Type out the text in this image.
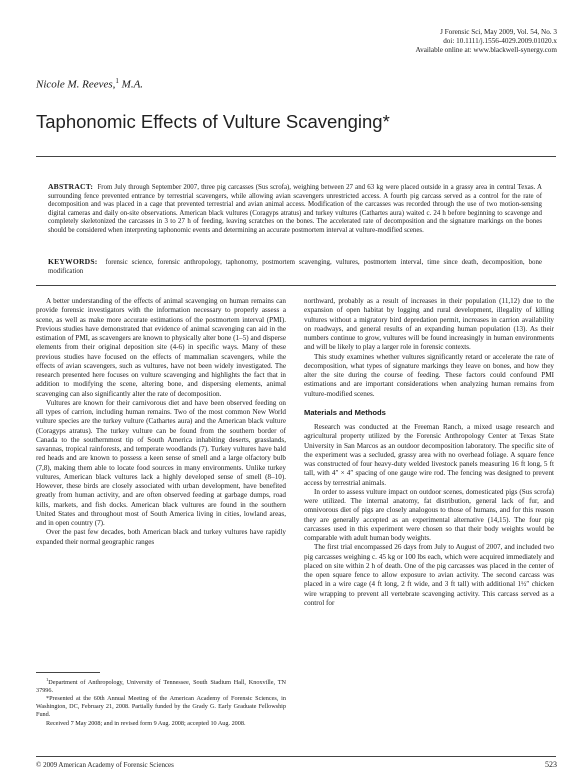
J Forensic Sci, May 2009, Vol. 54, No. 3
doi: 10.1111/j.1556-4029.2009.01020.x
Available online at: www.blackwell-synergy.com
Nicole M. Reeves,$^1$ M.A.
Taphonomic Effects of Vulture Scavenging*
ABSTRACT: From July through September 2007, three pig carcasses (Sus scrofa), weighing between 27 and 63 kg were placed outside in a grassy area in central Texas. A surrounding fence prevented entrance by terrestrial scavengers, while allowing avian scavengers unrestricted access. A fourth pig carcass served as a control for the rate of decomposition and was placed in a cage that prevented terrestrial and avian animal access. Modification of the carcasses was recorded through the use of two motion-sensing digital cameras and daily on-site observations. American black vultures (Coragyps atratus) and turkey vultures (Cathartes aura) waited c. 24 h before beginning to scavenge and completely skeletonized the carcasses in 3 to 27 h of feeding, leaving scratches on the bones. The accelerated rate of decomposition and the signature markings on the bones should be considered when interpreting taphonomic events and determining an accurate postmortem interval at vulture-modified scenes.
KEYWORDS: forensic science, forensic anthropology, taphonomy, postmortem scavenging, vultures, postmortem interval, time since death, decomposition, bone modification

A better understanding of the effects of animal scavenging on human remains can provide forensic investigators with the information necessary to properly assess a scene, as well as make more accurate estimations of the postmortem interval (PMI). Previous studies have demonstrated that evidence of animal scavenging can aid in the estimation of PMI, as scavengers are known to physically alter bone (1–5) and disperse elements from their original deposition site (4-6) in specific ways. Many of these previous studies have focused on the effects of mammalian scavengers, while the effects of avian scavengers, such as vultures, have not been widely investigated. The research presented here focuses on vulture scavenging and highlights the fact that in addition to modifying the scene, altering bone, and dispersing elements, animal scavenging can also significantly alter the rate of decomposition.

Vultures are known for their carnivorous diet and have been observed feeding on all types of carrion, including human remains. Two of the most common New World vulture species are the turkey vulture (Cathartes aura) and the American black vulture (Coragyps atratus). The turkey vulture can be found from the southern border of Canada to the southernmost tip of South America inhabiting deserts, grasslands, savannas, tropical rainforests, and temperate woodlands (7). Turkey vultures have bald red heads and are known to possess a keen sense of smell and a large olfactory bulb (7,8), making them able to locate food sources in many environments. Unlike turkey vultures, American black vultures lack a highly developed sense of smell (8–10). However, these birds are closely associated with urban development, have benefited greatly from human activity, and are often observed feeding at garbage dumps, road kills, markets, and fish docks. American black vultures are found in the southern United States and throughout most of South America living in cities, lowland areas, and in open country (7).

Over the past few decades, both American black and turkey vultures have rapidly expanded their normal geographic ranges

$^1$Department of Anthropology, University of Tennessee, South Stadium Hall, Knoxville, TN 37996.

*Presented at the 60th Annual Meeting of the American Academy of Forensic Sciences, in Washington, DC, February 21, 2008. Partially funded by the Grady G. Early Graduate Fellowship Fund.

Received 7 May 2008; and in revised form 9 Aug. 2008; accepted 10 Aug. 2008.

northward, probably as a result of increases in their population (11,12) due to the expansion of open habitat by logging and rural development, illegality of killing vultures without a migratory bird depredation permit, increases in carrion availability on roadways, and general results of an expanding human population (13). As their numbers continue to grow, vultures will be found increasingly in human environments and will be likely to play a larger role in forensic contexts.

This study examines whether vultures significantly retard or accelerate the rate of decomposition, what types of signature markings they leave on bones, and how they alter the site during the course of feeding. These factors could confound PMI estimations and are important considerations when analyzing human remains from vulture-modified scenes.

Materials and Methods

Research was conducted at the Freeman Ranch, a mixed usage research and agricultural property utilized by the Forensic Anthropology Center at Texas State University in San Marcos as an outdoor decomposition laboratory. The specific site of the experiment was a secluded, grassy area with no overhead foliage. A square fence was constructed of four heavy-duty welded livestock panels measuring 16 ft long, 5 ft tall, with 4″ × 4″ spacing of one gauge wire rod. The fencing was designed to prevent access by terrestrial animals.

In order to assess vulture impact on outdoor scenes, domesticated pigs (Sus scrofa) were utilized. The internal anatomy, fat distribution, general lack of fur, and omnivorous diet of pigs are closely analogous to those of humans, and for this reason they are generally accepted as an experimental alternative (14,15). The four pig carcasses used in this experiment were chosen so that their body weights would be comparable with adult human body weights.

The first trial encompassed 26 days from July to August of 2007, and included two pig carcasses weighing c. 45 kg or 100 lbs each, which were acquired immediately and placed on site within 2 h of death. One of the pig carcasses was placed in the center of the open square fence to allow exposure to avian activity. The second carcass was placed in a wire cage (4 ft long, 2 ft wide, and 3 ft tall) with additional 1½″ chicken wire wrapping to prevent all vertebrate scavenging activity. This carcass served as a control for

© 2009 American Academy of Forensic Sciences	523
